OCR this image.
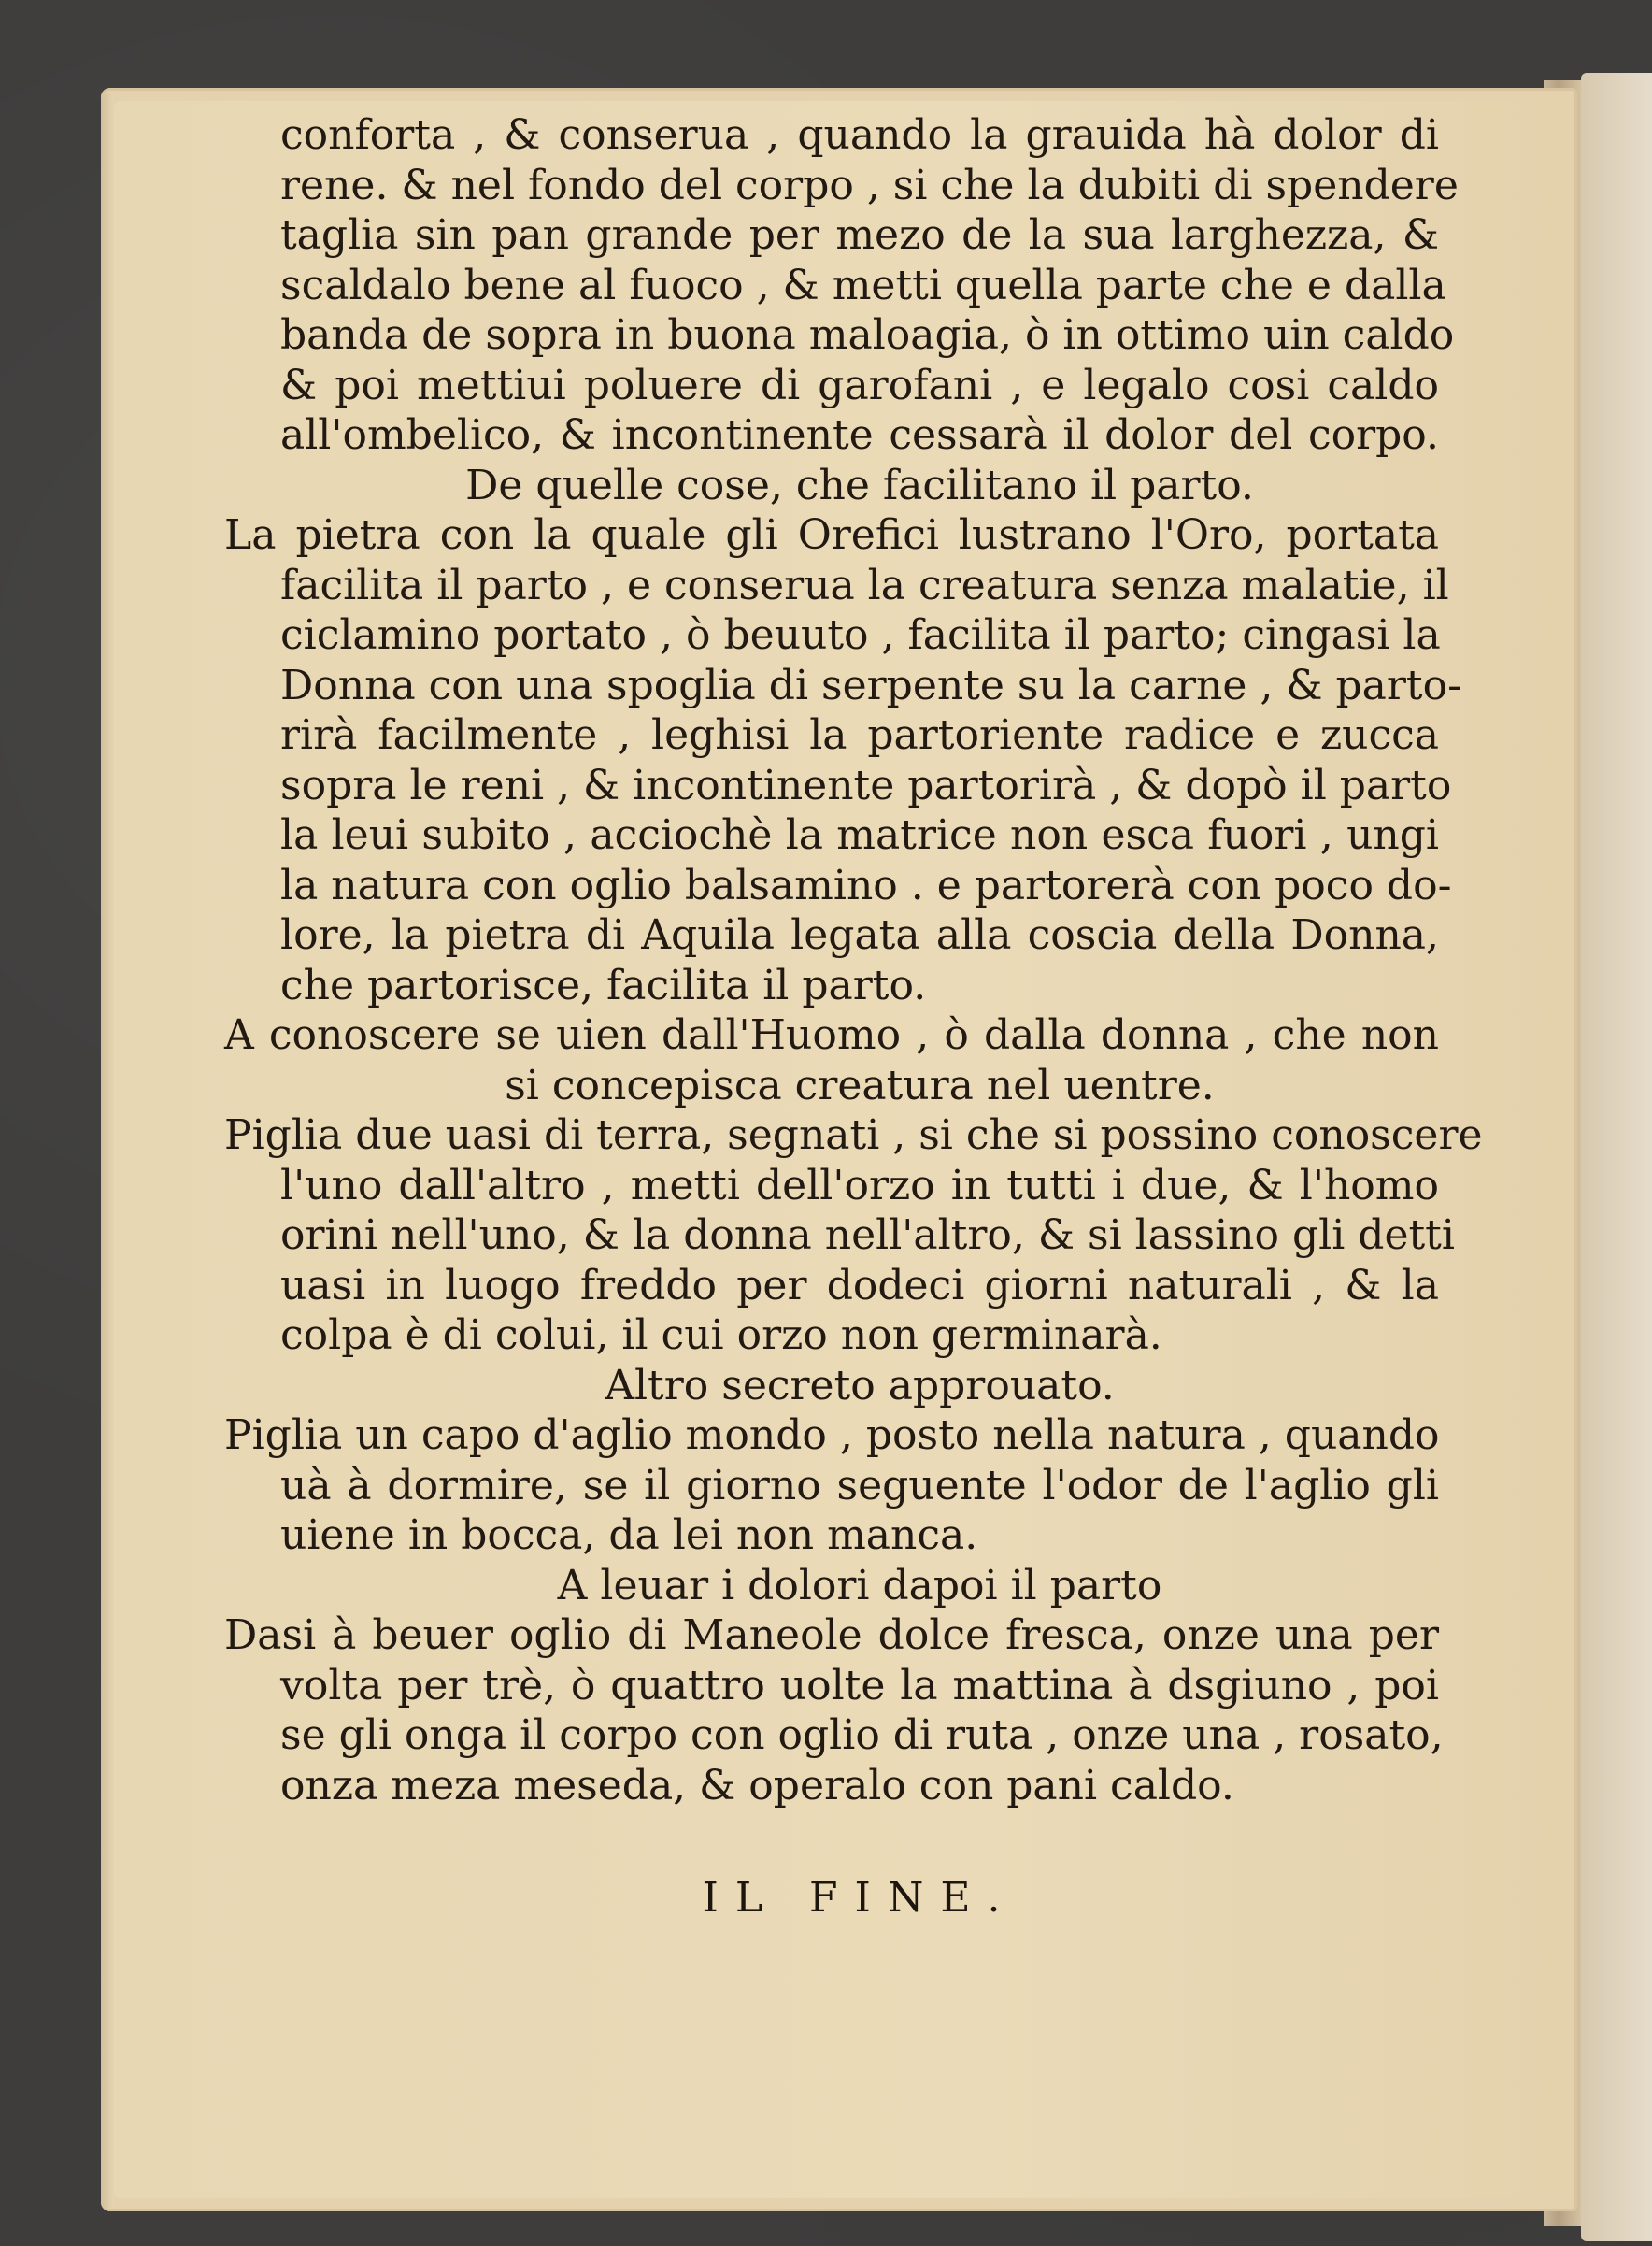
conforta , & conserua , quando la grauida hà dolor di
rene. & nel fondo del corpo , si che la dubiti di spendere
taglia sin pan grande per mezo de la sua larghezza, &
scaldalo bene al fuoco , & metti quella parte che e dalla
banda de sopra in buona maloagia, ò in ottimo uin caldo
& poi mettiui poluere di garofani , e legalo cosi caldo
all'ombelico, & incontinente cessarà il dolor del corpo.
De quelle cose, che facilitano il parto.
La pietra con la quale gli Orefici lustrano l'Oro, portata
facilita il parto , e conserua la creatura senza malatie, il
ciclamino portato , ò beuuto , facilita il parto; cingasi la
Donna con una spoglia di serpente su la carne , & parto-
rirà facilmente , leghisi la partoriente radice e zucca
sopra le reni , & incontinente partorirà , & dopò il parto
la leui subito , acciochè la matrice non esca fuori , ungi
la natura con oglio balsamino . e partorerà con poco do-
lore, la pietra di Aquila legata alla coscia della Donna,
che partorisce, facilita il parto.
A conoscere se uien dall'Huomo , ò dalla donna , che non
si concepisca creatura nel uentre.
Piglia due uasi di terra, segnati , si che si possino conoscere
l'uno dall'altro , metti dell'orzo in tutti i due, & l'homo
orini nell'uno, & la donna nell'altro, & si lassino gli detti
uasi in luogo freddo per dodeci giorni naturali , & la
colpa è di colui, il cui orzo non germinarà.
Altro secreto approuato.
Piglia un capo d'aglio mondo , posto nella natura , quando
uà à dormire, se il giorno seguente l'odor de l'aglio gli
uiene in bocca, da lei non manca.
A leuar i dolori dapoi il parto
Dasi à beuer oglio di Maneole dolce fresca, onze una per
volta per trè, ò quattro uolte la mattina à dsgiuno , poi
se gli onga il corpo con oglio di ruta , onze una , rosato,
onza meza meseda, & operalo con pani caldo.
IL FINE.
